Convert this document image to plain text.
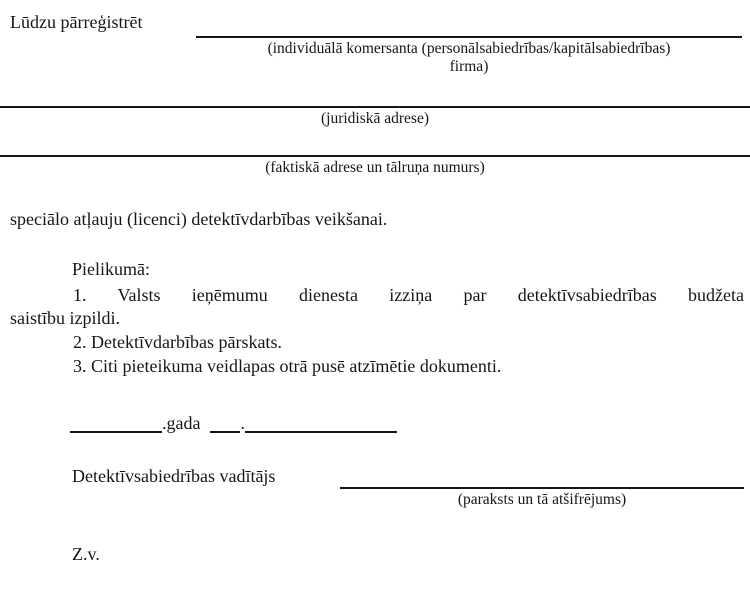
Lūdzu pārreģistrēt
(individuālā komersanta (personālsabiedrības/kapitālsabiedrības)
firma)
(juridiskā adrese)
(faktiskā adrese un tālruņa numurs)
speciālo atļauju (licenci) detektīvdarbības veikšanai.
Pielikumā:
1. Valsts ieņēmumu dienesta izziņa par detektīvsabiedrības budžeta
saistību izpildi.
2. Detektīvdarbības pārskats.
3. Citi pieteikuma veidlapas otrā pusē atzīmētie dokumenti.
.gada .
Detektīvsabiedrības vadītājs
(paraksts un tā atšifrējums)
Z.v.
